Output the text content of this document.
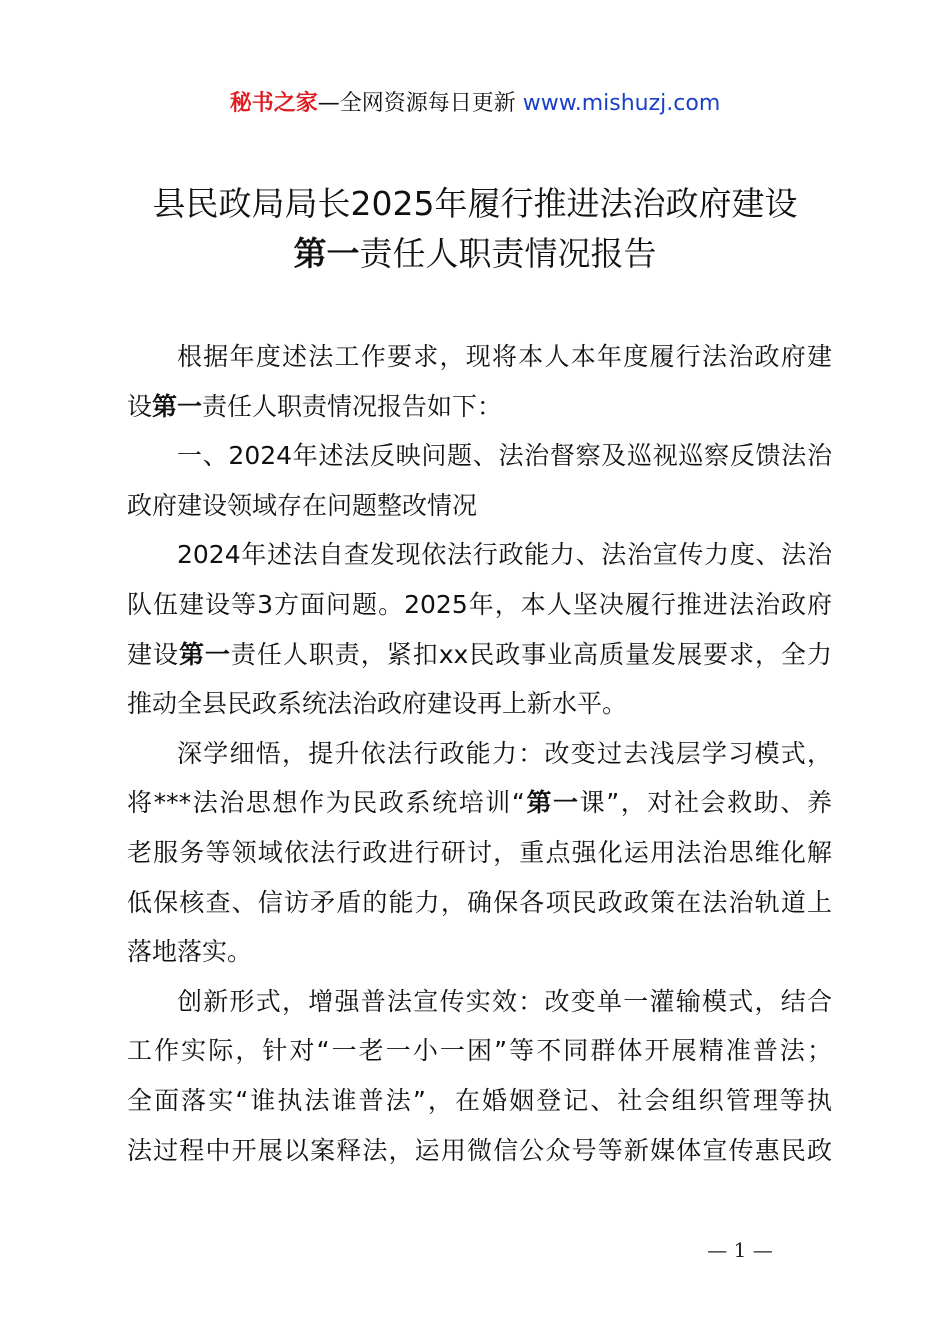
秘书之家—全网资源每日更新 www.mishuzj.com
县民政局局长2025年履行推进法治政府建设
第一责任人职责情况报告
根据年度述法工作要求，现将本人本年度履行法治政府建
设第一责任人职责情况报告如下：
一、2024年述法反映问题、法治督察及巡视巡察反馈法治
政府建设领域存在问题整改情况
2024年述法自查发现依法行政能力、法治宣传力度、法治
队伍建设等3方面问题。2025年，本人坚决履行推进法治政府
建设第一责任人职责，紧扣xx民政事业高质量发展要求，全力
推动全县民政系统法治政府建设再上新水平。
深学细悟，提升依法行政能力：改变过去浅层学习模式，
将***法治思想作为民政系统培训“第一课”，对社会救助、养
老服务等领域依法行政进行研讨，重点强化运用法治思维化解
低保核查、信访矛盾的能力，确保各项民政政策在法治轨道上
落地落实。
创新形式，增强普法宣传实效：改变单一灌输模式，结合
工作实际，针对“一老一小一困”等不同群体开展精准普法；
全面落实“谁执法谁普法”，在婚姻登记、社会组织管理等执
法过程中开展以案释法，运用微信公众号等新媒体宣传惠民政
— 1 —
